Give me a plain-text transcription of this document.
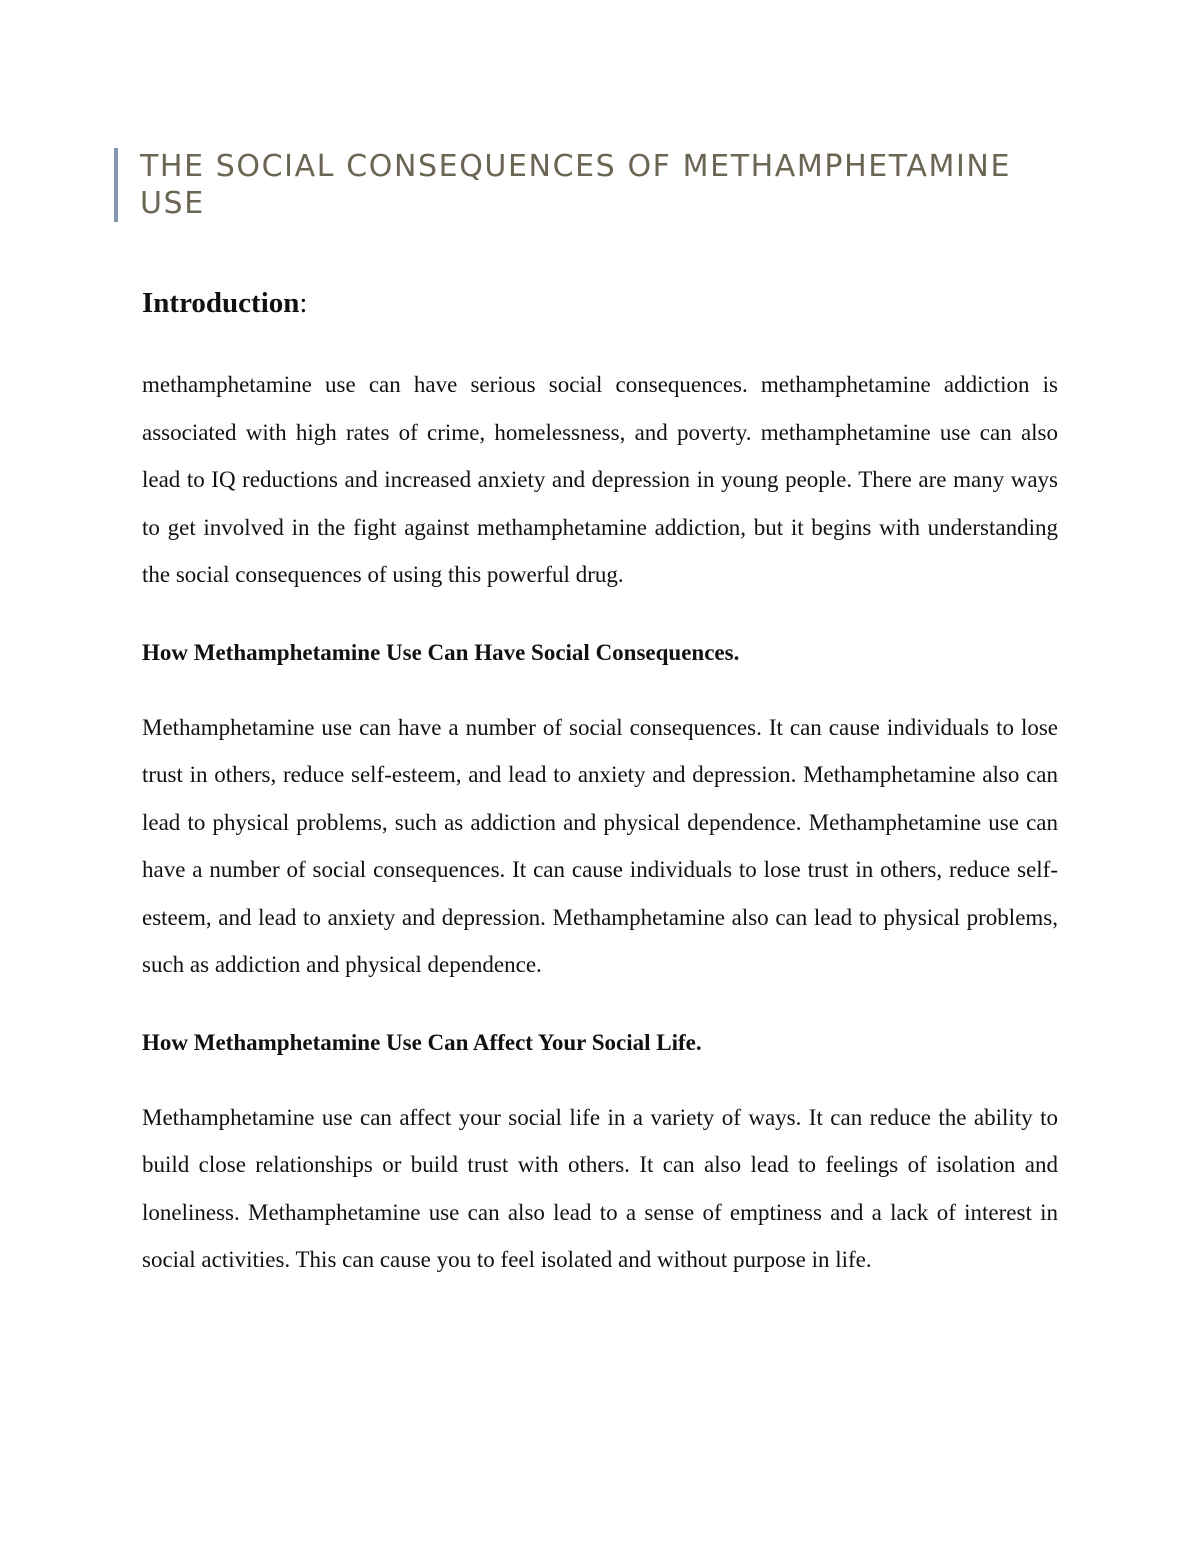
THE SOCIAL CONSEQUENCES OF METHAMPHETAMINE USE
Introduction:

methamphetamine use can have serious social consequences. methamphetamine addiction is associated with high rates of crime, homelessness, and poverty. methamphetamine use can also lead to IQ reductions and increased anxiety and depression in young people. There are many ways to get involved in the fight against methamphetamine addiction, but it begins with understanding the social consequences of using this powerful drug.

How Methamphetamine Use Can Have Social Consequences.

Methamphetamine use can have a number of social consequences. It can cause individuals to lose trust in others, reduce self-esteem, and lead to anxiety and depression. Methamphetamine also can lead to physical problems, such as addiction and physical dependence. Methamphetamine use can have a number of social consequences. It can cause individuals to lose trust in others, reduce self-esteem, and lead to anxiety and depression. Methamphetamine also can lead to physical problems, such as addiction and physical dependence.

How Methamphetamine Use Can Affect Your Social Life.

Methamphetamine use can affect your social life in a variety of ways. It can reduce the ability to build close relationships or build trust with others. It can also lead to feelings of isolation and loneliness. Methamphetamine use can also lead to a sense of emptiness and a lack of interest in social activities. This can cause you to feel isolated and without purpose in life.
